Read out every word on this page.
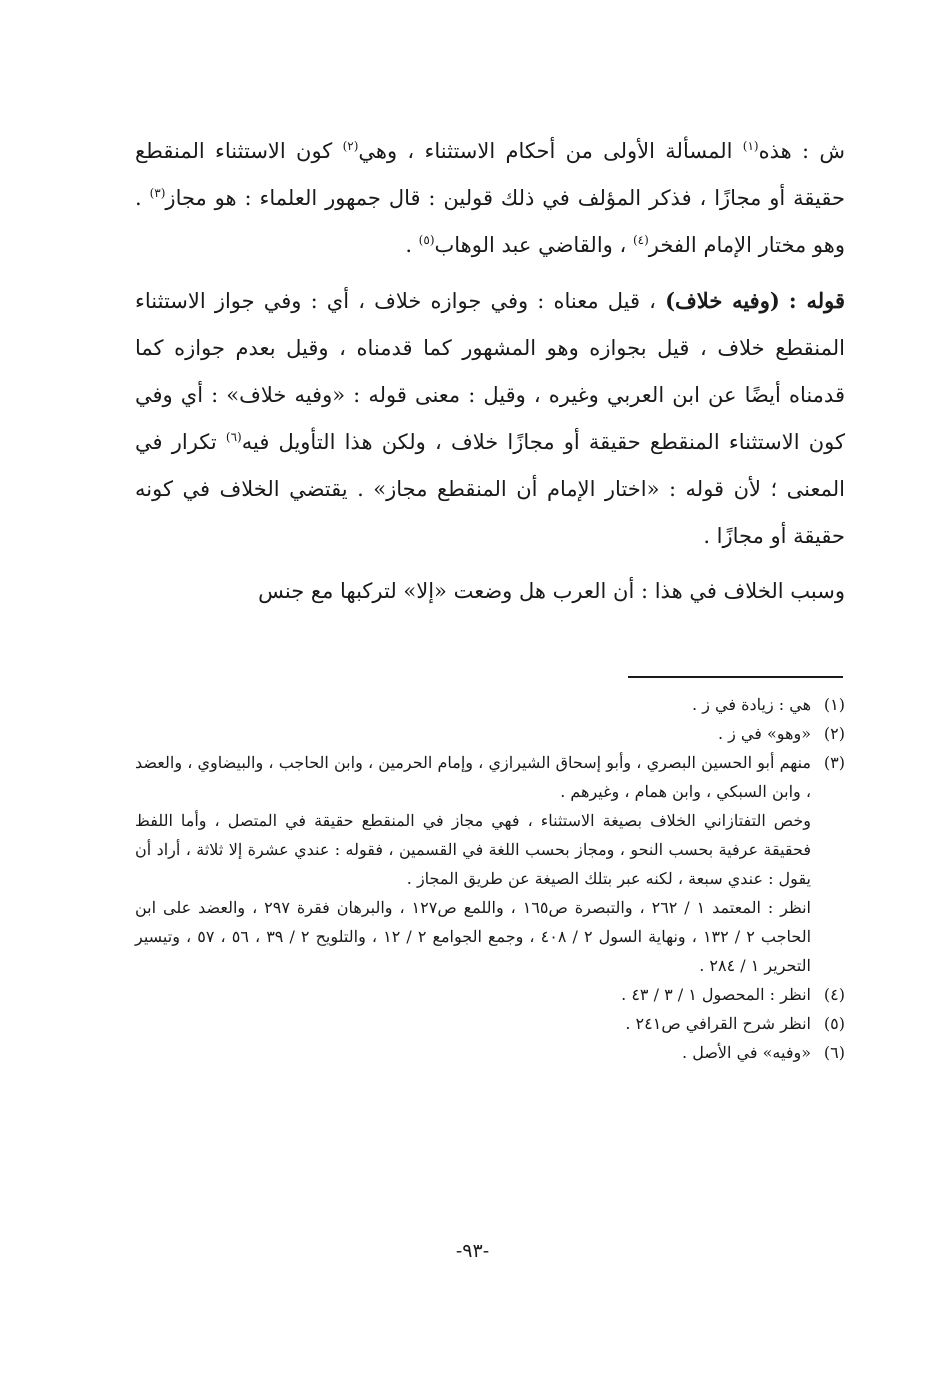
ش : هذه$^{(١)}$ المسألة الأولى من أحكام الاستثناء ، وهي$^{(٢)}$ كون الاستثناء المنقطع حقيقة أو مجازًا ، فذكر المؤلف في ذلك قولين : قال جمهور العلماء : هو مجاز$^{(٣)}$ . وهو مختار الإمام الفخر$^{(٤)}$ ، والقاضي عبد الوهاب$^{(٥)}$ .

قوله : (وفيه خلاف) ، قيل معناه : وفي جوازه خلاف ، أي : وفي جواز الاستثناء المنقطع خلاف ، قيل بجوازه وهو المشهور كما قدمناه ، وقيل بعدم جوازه كما قدمناه أيضًا عن ابن العربي وغيره ، وقيل : معنى قوله : «وفيه خلاف» : أي وفي كون الاستثناء المنقطع حقيقة أو مجازًا خلاف ، ولكن هذا التأويل فيه$^{(٦)}$ تكرار في المعنى ؛ لأن قوله : «اختار الإمام أن المنقطع مجاز» . يقتضي الخلاف في كونه حقيقة أو مجازًا .

وسبب الخلاف في هذا : أن العرب هل وضعت «إلا» لتركبها مع جنس

(١)

هي : زيادة في ز .

(٢)

«وهو» في ز .

(٣)

منهم أبو الحسين البصري ، وأبو إسحاق الشيرازي ، وإمام الحرمين ، وابن الحاجب ، والبيضاوي ، والعضد ، وابن السبكي ، وابن همام ، وغيرهم .

وخص التفتازاني الخلاف بصيغة الاستثناء ، فهي مجاز في المنقطع حقيقة في المتصل ، وأما اللفظ فحقيقة عرفية بحسب النحو ، ومجاز بحسب اللغة في القسمين ، فقوله : عندي عشرة إلا ثلاثة ، أراد أن يقول : عندي سبعة ، لكنه عبر بتلك الصيغة عن طريق المجاز .

انظر : المعتمد ١ / ٢٦٢ ، والتبصرة ص١٦٥ ، واللمع ص١٢٧ ، والبرهان فقرة ٢٩٧ ، والعضد على ابن الحاجب ٢ / ١٣٢ ، ونهاية السول ٢ / ٤٠٨ ، وجمع الجوامع ٢ / ١٢ ، والتلويح ٢ / ٣٩ ، ٥٦ ، ٥٧ ، وتيسير التحرير ١ / ٢٨٤ .

(٤)

انظر : المحصول ١ / ٣ / ٤٣ .

(٥)

انظر شرح القرافي ص٢٤١ .

(٦)

«وفيه» في الأصل .

-٩٣-
